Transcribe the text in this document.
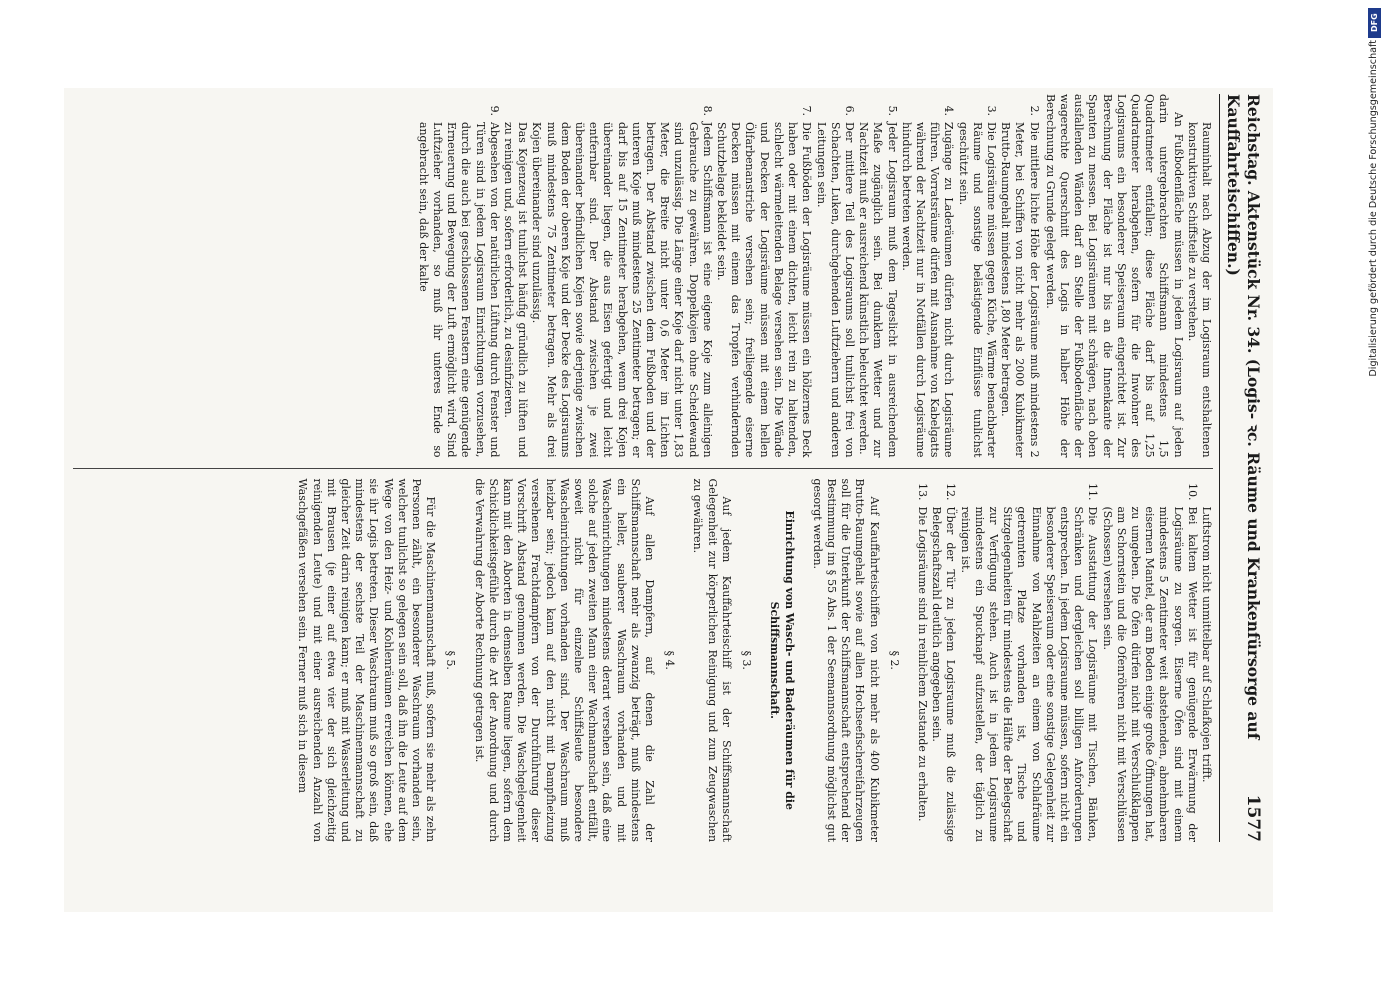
Reichstag. Aktenstück Nr. 34. (Logis- ꝛc. Räume und Krankenfürsorge auf Kauffahrteischiffen.)
1577

Rauminhalt nach Abzug der im Logisraum entshaltenen konstruktiven Schiffsteile zu verstehen.

An Fußbodenfläche müssen in jedem Logisraum auf jeden darin untergebrachten Schiffsmann mindestens 1,5 Quadratmeter entfallen; diese Fläche darf bis auf 1,25 Quadratmeter herabgehen, sofern für die Inwohner des Logisraums ein besonderer Speiseraum eingerichtet ist. Zur Berechnung der Fläche ist nur bis an die Innenkante der Spanten zu messen. Bei Logisräumen mit schrägen, nach oben ausfallenden Wänden darf an Stelle der Fußbodenfläche der wagerechte Querschnitt des Logis in halber Höhe der Berechnung zu Grunde gelegt werden.

2.
Die mittlere lichte Höhe der Logisräume muß mindestens 2 Meter, bei Schiffen von nicht mehr als 2000 Kubikmeter Brutto-Raumgehalt mindestens 1,80 Meter betragen.
3.
Die Logisräume müssen gegen Küche, Wärme benachbarter Räume und sonstige belästigende Einflüsse tunlichst geschützt sein.
4.
Zugänge zu Laderäumen dürfen nicht durch Logisräume führen. Vorratsräume dürfen mit Ausnahme von Kabelgatts während der Nachtzeit nur in Notfällen durch Logisräume hindurch betreten werden.
5.
Jeder Logisraum muß dem Tageslicht in ausreichendem Maße zugänglich sein. Bei dunklem Wetter und zur Nachtzeit muß er ausreichend künstlich beleuchtet werden.
6.
Der mittlere Teil des Logisraums soll tunlichst frei von Schachten, Luken, durchgehenden Luftziehern und anderen Leitungen sein.
7.
Die Fußböden der Logisräume müssen ein hölzernes Deck haben oder mit einem dichten, leicht rein zu haltenden, schlecht wärmeleitenden Belage versehen sein. Die Wände und Decken der Logisräume müssen mit einem hellen Ölfarbenanstriche versehen sein; freiliegende eiserne Decken müssen mit einem das Tropfen verhindernden Schutzbelage bekleidet sein.
8.
Jedem Schiffsmann ist eine eigene Koje zum alleinigen Gebrauche zu gewähren. Doppelkojen ohne Scheidewand sind unzulässig. Die Länge einer Koje darf nicht unter 1,83 Meter, die Breite nicht unter 0,6 Meter im Lichten betragen. Der Abstand zwischen dem Fußboden und der unteren Koje muß mindestens 25 Zentimeter betragen; er darf bis auf 15 Zentimeter herabgehen, wenn drei Kojen übereinander liegen, die aus Eisen gefertigt und leicht entfernbar sind. Der Abstand zwischen je zwei übereinander befindlichen Kojen sowie derjenige zwischen dem Boden der oberen Koje und der Decke des Logisraums muß mindestens 75 Zentimeter betragen. Mehr als drei Kojen übereinander sind unzulässig.
Das Kojenzeug ist tunlichst häufig gründlich zu lüften und zu reinigen und, sofern erforderlich, zu desinfizieren.
9.
Abgesehen von der natürlichen Lüftung durch Fenster und Türen sind in jedem Logisraum Einrichtungen vorzusehen, durch die auch bei geschlossenen Fenstern eine genügende Erneuerung und Bewegung der Luft ermöglicht wird. Sind Luftzieher vorhanden, so muß ihr unteres Ende so angebracht sein, daß der kalte

Luftstrom nicht unmittelbar auf Schlafkojen trifft.

10.
Bei kaltem Wetter ist für genügende Erwärmung der Logisräume zu sorgen. Eiserne Öfen sind mit einem mindestens 5 Zentimeter weit abstehenden, abnehmbaren eisernen Mantel, der am Boden einige große Öffnungen hat, zu umgeben. Die Öfen dürfen nicht mit Verschlußklappen am Schornstein und die Ofenröhren nicht mit Verschlüssen (Schossen) versehen sein.
11.
Die Ausstattung der Logisräume mit Tischen, Bänken, Schränken und dergleichen soll billigen Anforderungen entsprechen. In jedem Logisraume müssen, sofern nicht ein besonderer Speiseraum oder eine sonstige Gelegenheit zur Einnahme von Mahlzeiten an einem von Schlafräume getrennten Platze vorhanden ist, Tische und Sitzgelegenheiten für mindestens die Hälfte der Belegschaft zur Verfügung stehen. Auch ist in jedem Logisraume mindestens ein Spucknapf aufzustellen, der täglich zu reinigen ist.
12.
Über der Tür zu jedem Logisraume muß die zulässige Belegschaftszahl deutlich angegeben sein.
13.
Die Logisräume sind in reinlichem Zustande zu erhalten.
§ 2.

Auf Kauffahrteischiffen von nicht mehr als 400 Kubikmeter Brutto-Raumgehalt sowie auf allen Hochseefischereifahrzeugen soll für die Unterkunft der Schiffsmannschaft entsprechend der Bestimmung im § 55 Abs. 1 der Seemannsordnung möglichst gut gesorgt werden.

Einrichtung von Wasch- und Baderäumen für die Schiffsmannschaft.
§ 3.

Auf jedem Kauffahrteischiff ist der Schiffsmannschaft Gelegenheit zur körperlichen Reinigung und zum Zeugwaschen zu gewähren.

§ 4.

Auf allen Dampfern, auf denen die Zahl der Schiffsmannschaft mehr als zwanzig beträgt, muß mindestens ein heller, sauberer Waschraum vorhanden und mit Wascheinrichtungen mindestens derart versehen sein, daß eine solche auf jeden zweiten Mann einer Wachmannschaft entfällt, soweit nicht für einzelne Schiffsleute besondere Wascheinrichtungen vorhanden sind. Der Waschraum muß heizbar sein; jedoch kann auf den nicht mit Dampfheizung versehenen Frachtdampfern von der Durchführung dieser Vorschrift Abstand genommen werden. Die Waschgelegenheit kann mit den Aborten in demselben Raume liegen, sofern dem Schicklichkeitsgefühle durch die Art der Anordnung und durch die Verwahrung der Aborte Rechnung getragen ist.

§ 5.

Für die Maschinenmannschaft muß, sofern sie mehr als zehn Personen zählt, ein besonderer Waschraum vorhanden sein, welcher tunlichst so gelegen sein soll, daß ihn die Leute auf dem Wege von den Heiz- und Kohlenräumen erreichen können, ehe sie ihr Logis betreten. Dieser Waschraum muß so groß sein, daß mindestens der sechste Teil der Maschinenmannschaft zu gleicher Zeit darin reinigen kann; er muß mit Wasserleitung und mit Brausen (je einer auf etwa vier der sich gleichzeitig reinigenden Leute) und mit einer ausreichenden Anzahl von Waschgefäßen versehen sein. Ferner muß sich in diesem

Digitalisierung gefördert durch die Deutsche Forschungsgemeinschaft
DFG
